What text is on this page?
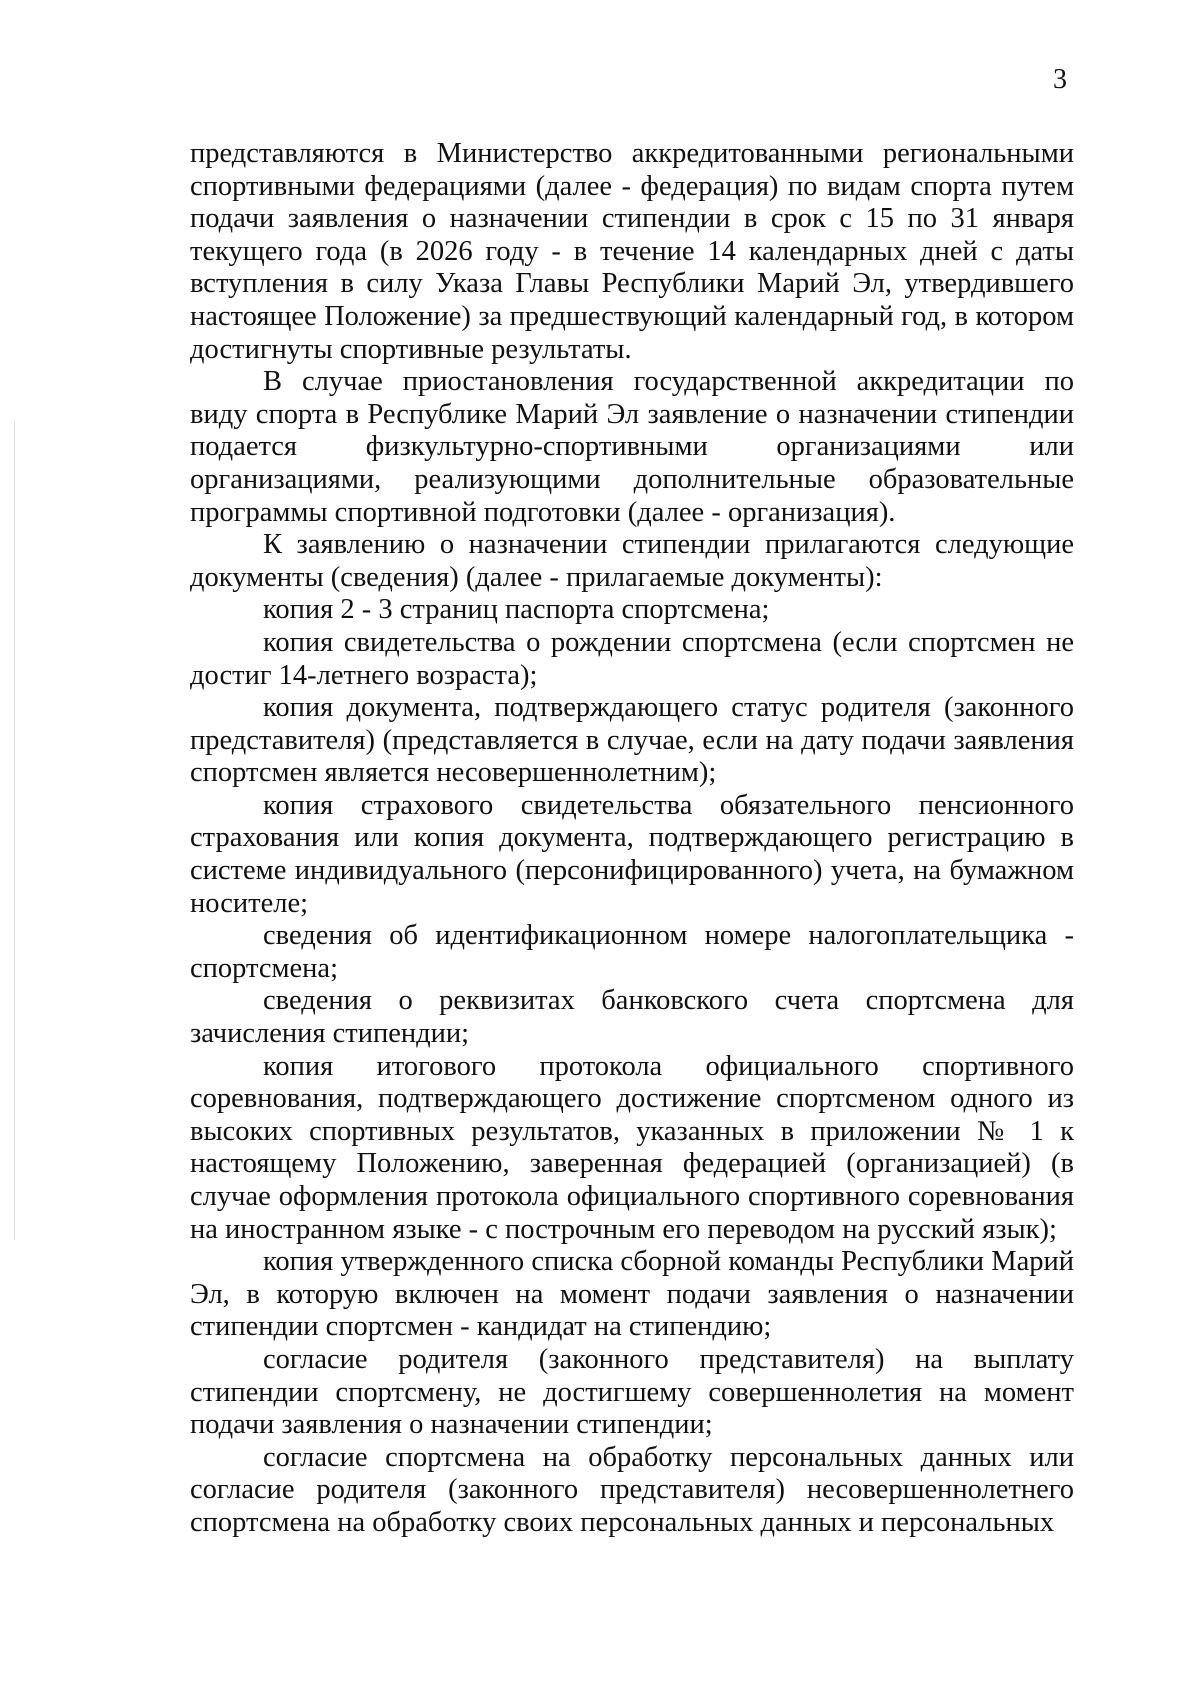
3

представляются в Министерство аккредитованными региональными спортивными федерациями (далее - федерация) по видам спорта путем подачи заявления о назначении стипендии в срок с 15 по 31 января текущего года (в 2026 году - в течение 14 календарных дней с даты вступления в силу Указа Главы Республики Марий Эл, утвердившего настоящее Положение) за предшествующий календарный год, в котором достигнуты спортивные результаты.

В случае приостановления государственной аккредитации по виду спорта в Республике Марий Эл заявление о назначении стипендии подается физкультурно-спортивными организациями или организациями, реализующими дополнительные образовательные программы спортивной подготовки (далее - организация).

К заявлению о назначении стипендии прилагаются следующие документы (сведения) (далее - прилагаемые документы):

копия 2 - 3 страниц паспорта спортсмена;

копия свидетельства о рождении спортсмена (если спортсмен не достиг 14-летнего возраста);

копия документа, подтверждающего статус родителя (законного представителя) (представляется в случае, если на дату подачи заявления спортсмен является несовершеннолетним);

копия страхового свидетельства обязательного пенсионного страхования или копия документа, подтверждающего регистрацию в системе индивидуального (персонифицированного) учета, на бумажном носителе;

сведения об идентификационном номере налогоплательщика - спортсмена;

сведения о реквизитах банковского счета спортсмена для зачисления стипендии;

копия итогового протокола официального спортивного соревнования, подтверждающего достижение спортсменом одного из высоких спортивных результатов, указанных в приложении № 1 к настоящему Положению, заверенная федерацией (организацией) (в случае оформления протокола официального спортивного соревнования на иностранном языке - с построчным его переводом на русский язык);

копия утвержденного списка сборной команды Республики Марий Эл, в которую включен на момент подачи заявления о назначении стипендии спортсмен - кандидат на стипендию;

согласие родителя (законного представителя) на выплату стипендии спортсмену, не достигшему совершеннолетия на момент подачи заявления о назначении стипендии;

согласие спортсмена на обработку персональных данных или согласие родителя (законного представителя) несовершеннолетнего спортсмена на обработку своих персональных данных и персональных
